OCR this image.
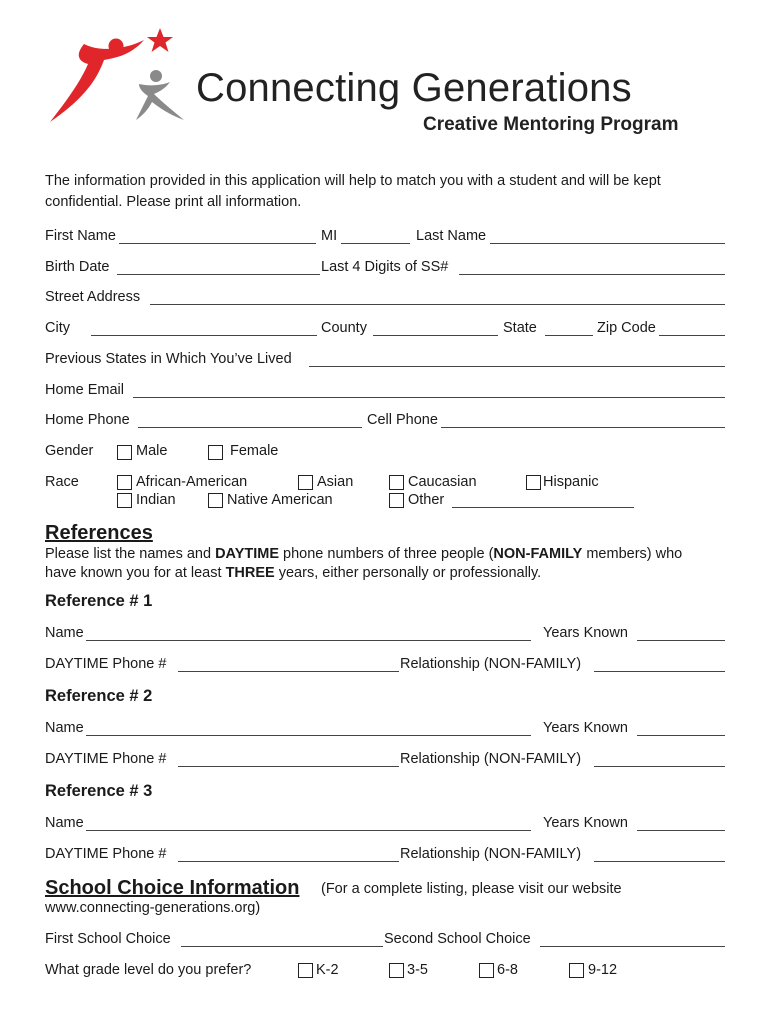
Connecting Generations
Creative Mentoring Program
The information provided in this application will help to match you with a student and will be kept
confidential. Please print all information.
First Name	MI	Last Name
Birth Date	Last 4 Digits of SS#
Street Address
City	County	State	Zip Code
Previous States in Which You’ve Lived
Home Email
Home Phone	Cell Phone
Gender	Male	Female
Race	African-American	Asian	Caucasian	Hispanic
Indian	Native American	Other
References
Please list the names and DAYTIME phone numbers of three people (NON-FAMILY members) who
have known you for at least THREE years, either personally or professionally.
Reference # 1
Name	Years Known
DAYTIME Phone #	Relationship (NON-FAMILY)
Reference # 2
Name	Years Known
DAYTIME Phone #	Relationship (NON-FAMILY)
Reference # 3
Name	Years Known
DAYTIME Phone #	Relationship (NON-FAMILY)
School Choice Information (For a complete listing, please visit our website
www.connecting-generations.org)
First School Choice	Second School Choice
What grade level do you prefer?	K-2	3-5	6-8	9-12
